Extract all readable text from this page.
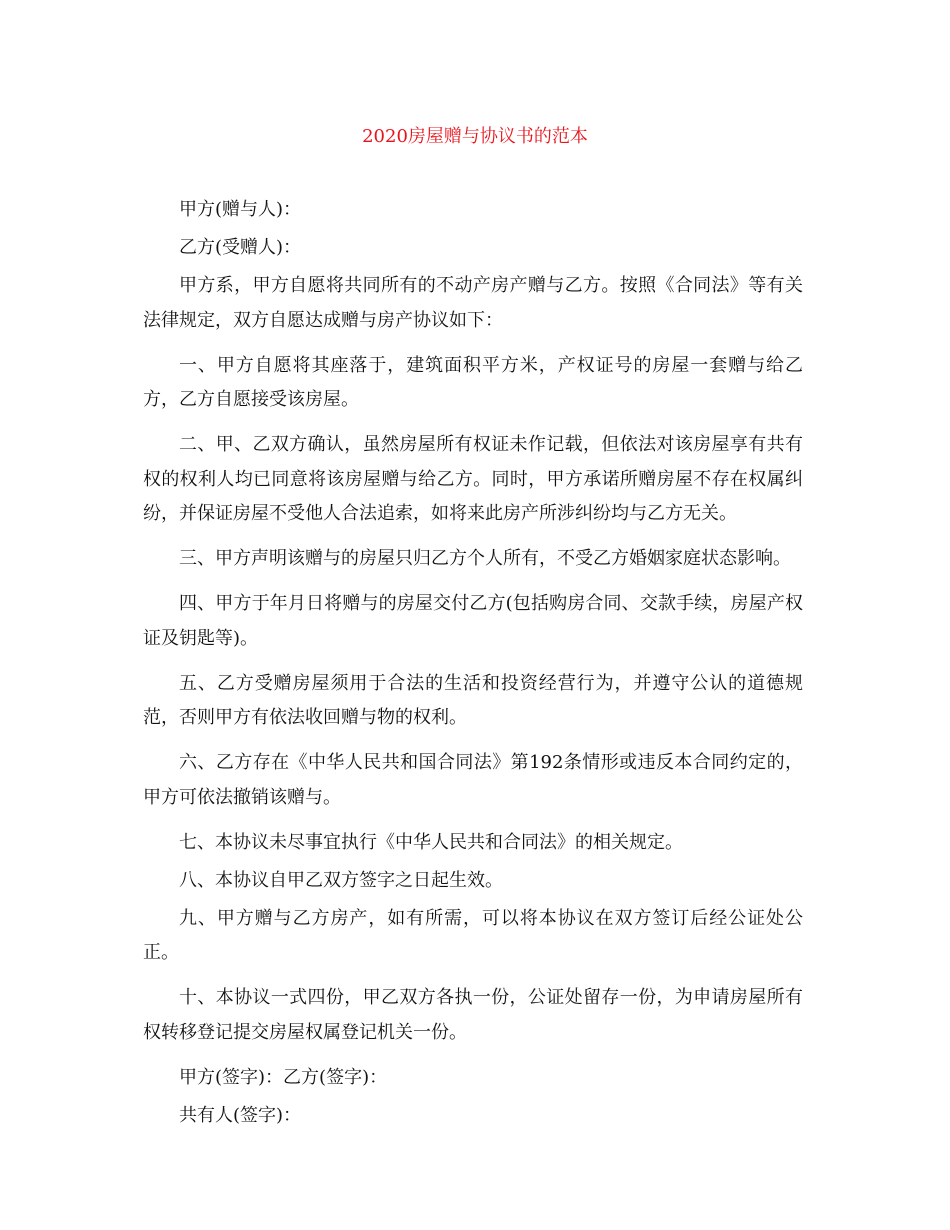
2020房屋赠与协议书的范本

甲方(赠与人)：

乙方(受赠人)：

甲方系，甲方自愿将共同所有的不动产房产赠与乙方。按照《合同法》等有关法律规定，双方自愿达成赠与房产协议如下：

一、甲方自愿将其座落于，建筑面积平方米，产权证号的房屋一套赠与给乙方，乙方自愿接受该房屋。

二、甲、乙双方确认，虽然房屋所有权证未作记载，但依法对该房屋享有共有权的权利人均已同意将该房屋赠与给乙方。同时，甲方承诺所赠房屋不存在权属纠纷，并保证房屋不受他人合法追索，如将来此房产所涉纠纷均与乙方无关。

三、甲方声明该赠与的房屋只归乙方个人所有，不受乙方婚姻家庭状态影响。

四、甲方于年月日将赠与的房屋交付乙方(包括购房合同、交款手续，房屋产权证及钥匙等)。

五、乙方受赠房屋须用于合法的生活和投资经营行为，并遵守公认的道德规范，否则甲方有依法收回赠与物的权利。

六、乙方存在《中华人民共和国合同法》第192条情形或违反本合同约定的，甲方可依法撤销该赠与。

七、本协议未尽事宜执行《中华人民共和合同法》的相关规定。

八、本协议自甲乙双方签字之日起生效。

九、甲方赠与乙方房产，如有所需，可以将本协议在双方签订后经公证处公正。

十、本协议一式四份，甲乙双方各执一份，公证处留存一份，为申请房屋所有权转移登记提交房屋权属登记机关一份。

甲方(签字)：乙方(签字)：

共有人(签字)：
